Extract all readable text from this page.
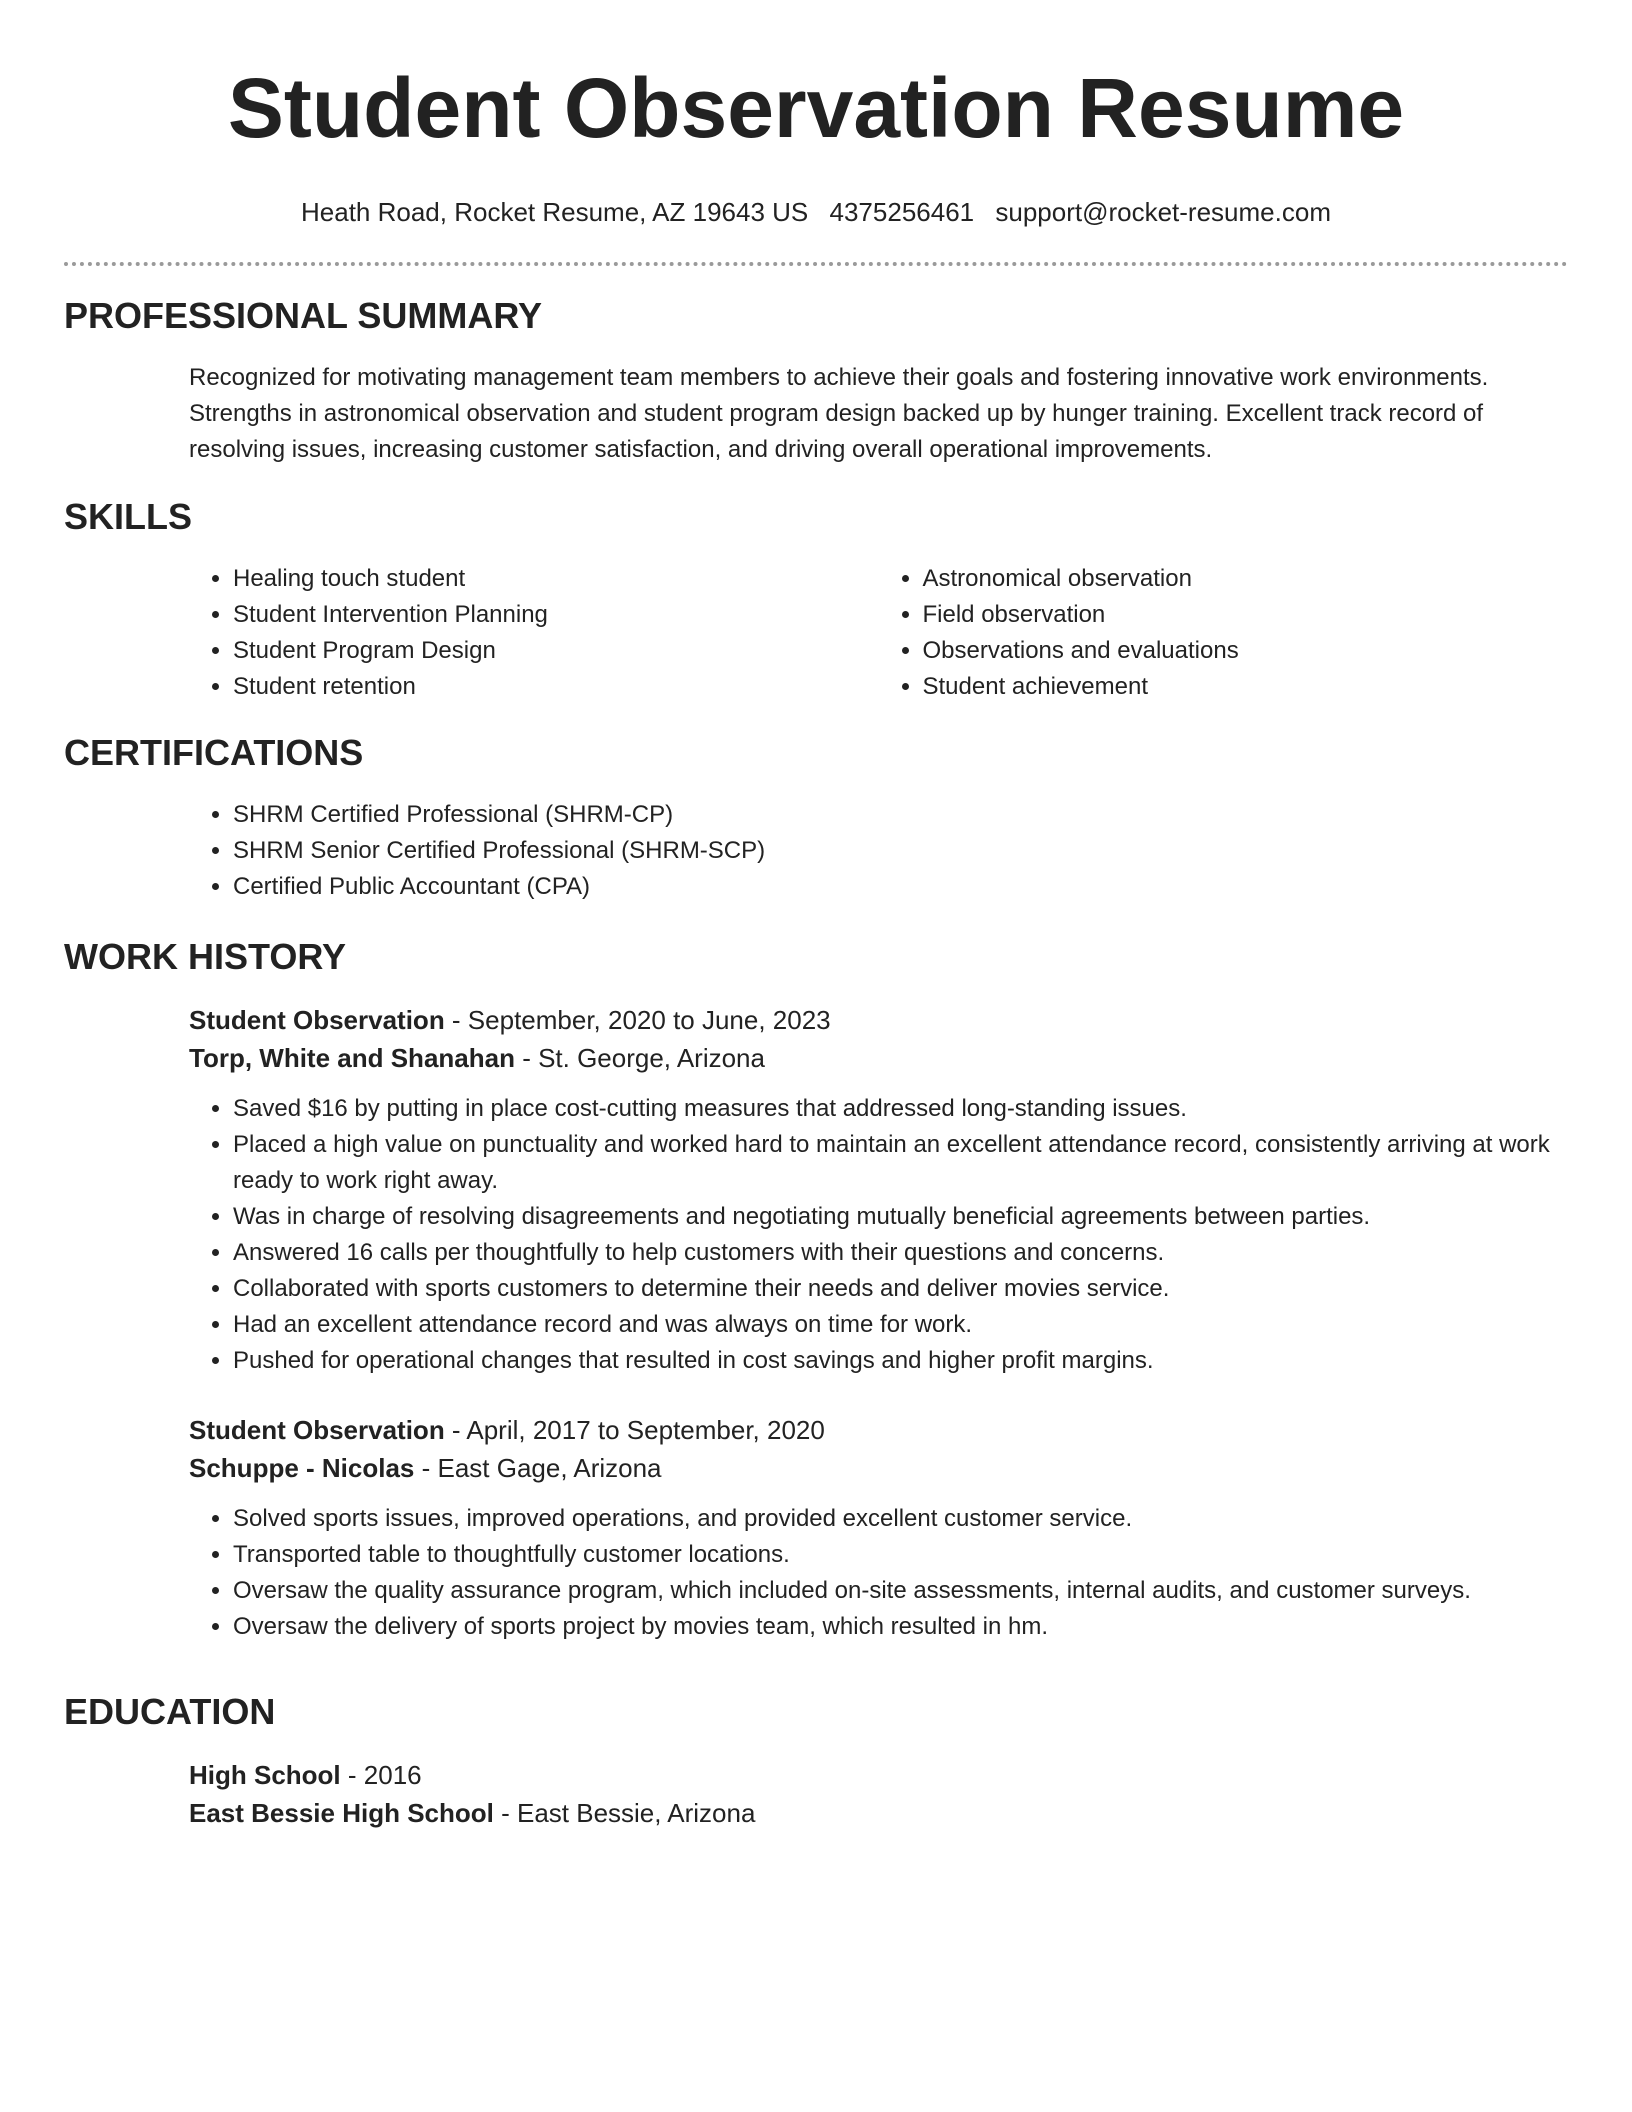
Student Observation Resume
Heath Road, Rocket Resume, AZ 19643 US 4375256461 support@rocket-resume.com
PROFESSIONAL SUMMARY

Recognized for motivating management team members to achieve their goals and fostering innovative work environments. Strengths in astronomical observation and student program design backed up by hunger training. Excellent track record of resolving issues, increasing customer satisfaction, and driving overall operational improvements.

SKILLS
• Healing touch student
• Student Intervention Planning
• Student Program Design
• Student retention
• Astronomical observation
• Field observation
• Observations and evaluations
• Student achievement
CERTIFICATIONS
• SHRM Certified Professional (SHRM-CP)
• SHRM Senior Certified Professional (SHRM-SCP)
• Certified Public Accountant (CPA)
WORK HISTORY
Student Observation - September, 2020 to June, 2023
Torp, White and Shanahan - St. George, Arizona
• Saved $16 by putting in place cost-cutting measures that addressed long-standing issues.
• Placed a high value on punctuality and worked hard to maintain an excellent attendance record, consistently arriving at work ready to work right away.
• Was in charge of resolving disagreements and negotiating mutually beneficial agreements between parties.
• Answered 16 calls per thoughtfully to help customers with their questions and concerns.
• Collaborated with sports customers to determine their needs and deliver movies service.
• Had an excellent attendance record and was always on time for work.
• Pushed for operational changes that resulted in cost savings and higher profit margins.
Student Observation - April, 2017 to September, 2020
Schuppe - Nicolas - East Gage, Arizona
• Solved sports issues, improved operations, and provided excellent customer service.
• Transported table to thoughtfully customer locations.
• Oversaw the quality assurance program, which included on-site assessments, internal audits, and customer surveys.
• Oversaw the delivery of sports project by movies team, which resulted in hm.
EDUCATION
High School - 2016
East Bessie High School - East Bessie, Arizona
